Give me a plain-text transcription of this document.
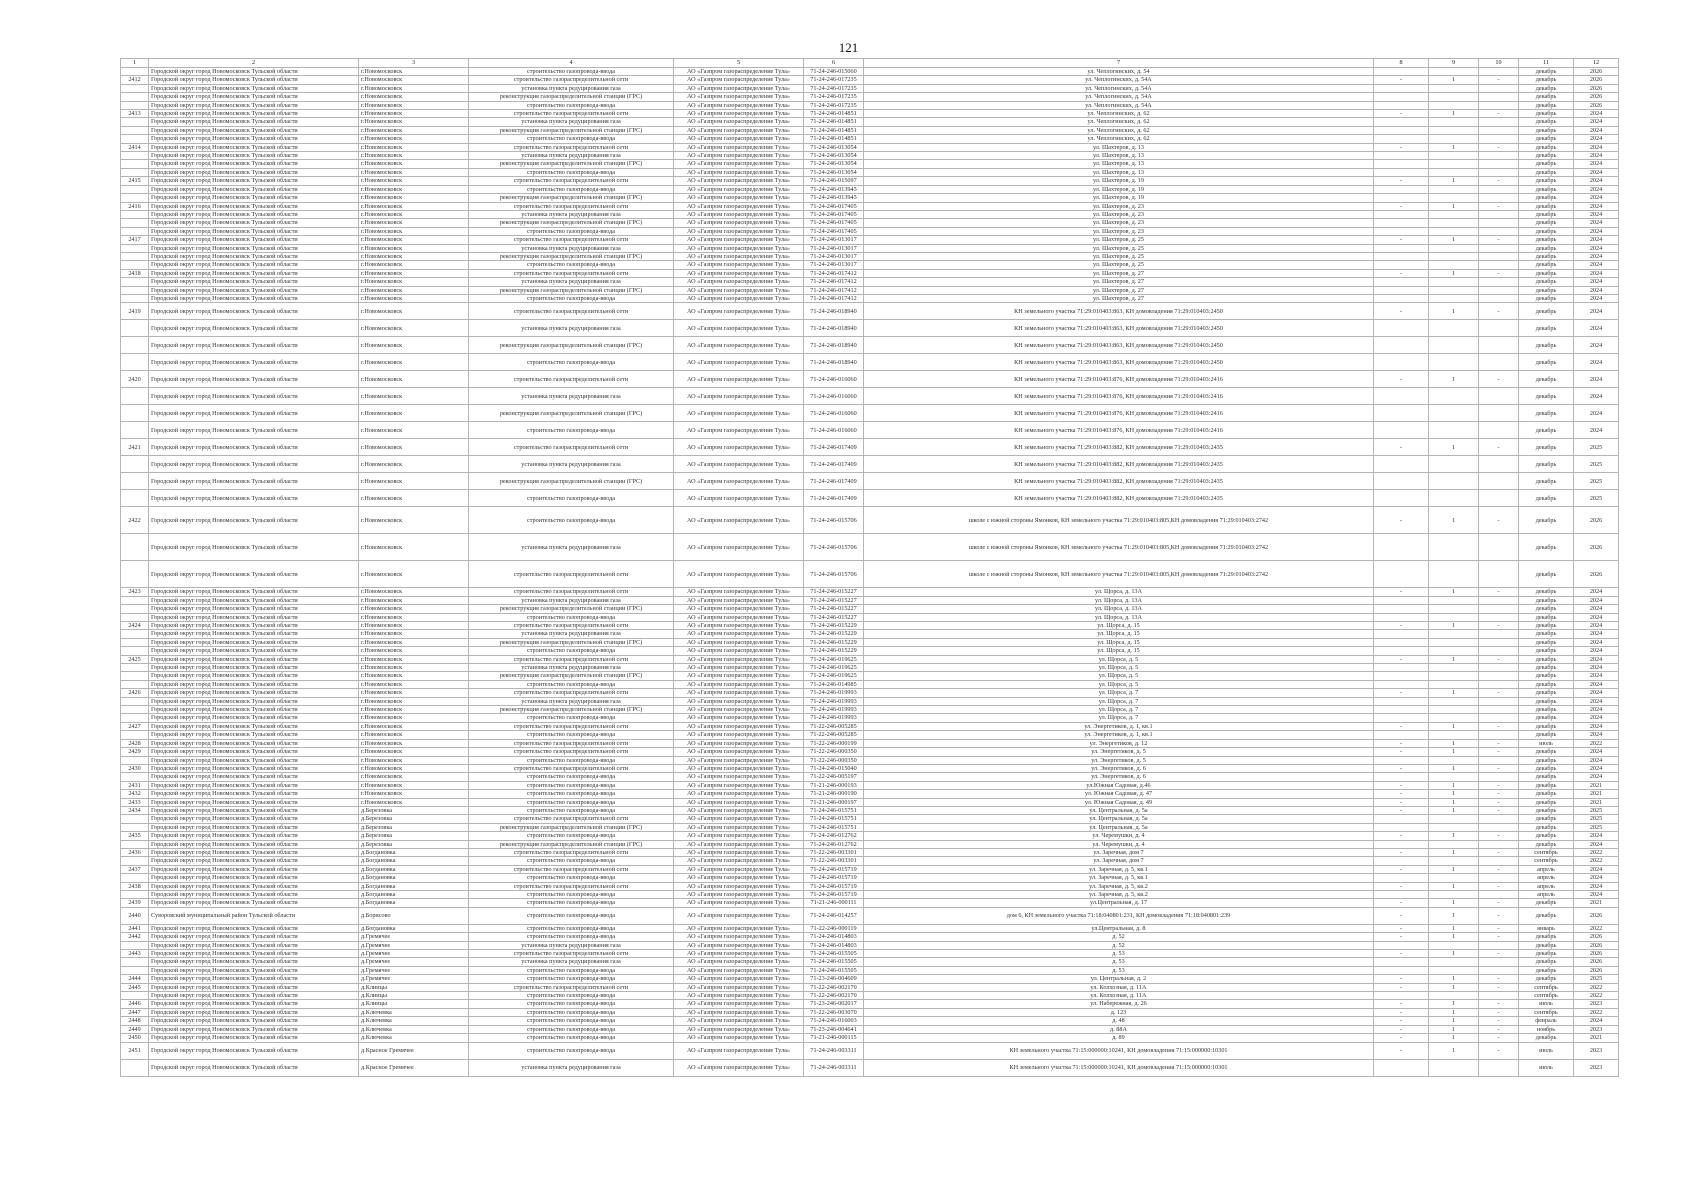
121
1	2	3	4	5	6	7	8	9	10	11	12
	Городской округ город Новомосковск Тульской области	г.Новомосковск	строительство газопровода-ввода	АО «Газпром газораспределение Тула»	71-24-246-015060	ул. Чеплогинских, д. 54				декабрь	2026
2412	Городской округ город Новомосковск Тульской области	г.Новомосковск	строительство газораспределительной сети	АО «Газпром газораспределение Тула»	71-24-246-017235	ул. Чеплогинских, д. 54А	-	1	-	декабрь	2026
	Городской округ город Новомосковск Тульской области	г.Новомосковск	установка пункта редуцирования газа	АО «Газпром газораспределение Тула»	71-24-246-017235	ул. Чеплогинских, д. 54А				декабрь	2026
	Городской округ город Новомосковск Тульской области	г.Новомосковск	реконструкция газораспределительной станции (ГРС)	АО «Газпром газораспределение Тула»	71-24-246-017235	ул. Чеплогинских, д. 54А				декабрь	2026
	Городской округ город Новомосковск Тульской области	г.Новомосковск	строительство газопровода-ввода	АО «Газпром газораспределение Тула»	71-24-246-017235	ул. Чеплогинских, д. 54А				декабрь	2026
2413	Городской округ город Новомосковск Тульской области	г.Новомосковск	строительство газораспределительной сети	АО «Газпром газораспределение Тула»	71-24-246-014851	ул. Чеплогинских, д. 62	-	1	-	декабрь	2024
	Городской округ город Новомосковск Тульской области	г.Новомосковск	установка пункта редуцирования газа	АО «Газпром газораспределение Тула»	71-24-246-014851	ул. Чеплогинских, д. 62				декабрь	2024
	Городской округ город Новомосковск Тульской области	г.Новомосковск	реконструкция газораспределительной станции (ГРС)	АО «Газпром газораспределение Тула»	71-24-246-014851	ул. Чеплогинских, д. 62				декабрь	2024
	Городской округ город Новомосковск Тульской области	г.Новомосковск	строительство газопровода-ввода	АО «Газпром газораспределение Тула»	71-24-246-014851	ул. Чеплогинских, д. 62				декабрь	2024
2414	Городской округ город Новомосковск Тульской области	г.Новомосковск	строительство газораспределительной сети	АО «Газпром газораспределение Тула»	71-24-246-013054	ул. Шахтеров, д. 13	-	1	-	декабрь	2024
	Городской округ город Новомосковск Тульской области	г.Новомосковск	установка пункта редуцирования газа	АО «Газпром газораспределение Тула»	71-24-246-013054	ул. Шахтеров, д. 13				декабрь	2024
	Городской округ город Новомосковск Тульской области	г.Новомосковск	реконструкция газораспределительной станции (ГРС)	АО «Газпром газораспределение Тула»	71-24-246-013054	ул. Шахтеров, д. 13				декабрь	2024
	Городской округ город Новомосковск Тульской области	г.Новомосковск	строительство газопровода-ввода	АО «Газпром газораспределение Тула»	71-24-246-013054	ул. Шахтеров, д. 13				декабрь	2024
2415	Городской округ город Новомосковск Тульской области	г.Новомосковск	строительство газораспределительной сети	АО «Газпром газораспределение Тула»	71-24-246-015097	ул. Шахтеров, д. 19	-	1	-	декабрь	2024
	Городской округ город Новомосковск Тульской области	г.Новомосковск	строительство газопровода-ввода	АО «Газпром газораспределение Тула»	71-24-246-013945	ул. Шахтеров, д. 19				декабрь	2024
	Городской округ город Новомосковск Тульской области	г.Новомосковск	реконструкция газораспределительной станции (ГРС)	АО «Газпром газораспределение Тула»	71-24-246-013945	ул. Шахтеров, д. 19				декабрь	2024
2416	Городской округ город Новомосковск Тульской области	г.Новомосковск	строительство газораспределительной сети	АО «Газпром газораспределение Тула»	71-24-246-017405	ул. Шахтеров, д. 23	-	1	-	декабрь	2024
	Городской округ город Новомосковск Тульской области	г.Новомосковск	установка пункта редуцирования газа	АО «Газпром газораспределение Тула»	71-24-246-017405	ул. Шахтеров, д. 23				декабрь	2024
	Городской округ город Новомосковск Тульской области	г.Новомосковск	реконструкция газораспределительной станции (ГРС)	АО «Газпром газораспределение Тула»	71-24-246-017405	ул. Шахтеров, д. 23				декабрь	2024
	Городской округ город Новомосковск Тульской области	г.Новомосковск	строительство газопровода-ввода	АО «Газпром газораспределение Тула»	71-24-246-017405	ул. Шахтеров, д. 23				декабрь	2024
2417	Городской округ город Новомосковск Тульской области	г.Новомосковск	строительство газораспределительной сети	АО «Газпром газораспределение Тула»	71-24-246-013017	ул. Шахтеров, д. 25	-	1	-	декабрь	2024
	Городской округ город Новомосковск Тульской области	г.Новомосковск	установка пункта редуцирования газа	АО «Газпром газораспределение Тула»	71-24-246-013017	ул. Шахтеров, д. 25				декабрь	2024
	Городской округ город Новомосковск Тульской области	г.Новомосковск	реконструкция газораспределительной станции (ГРС)	АО «Газпром газораспределение Тула»	71-24-246-013017	ул. Шахтеров, д. 25				декабрь	2024
	Городской округ город Новомосковск Тульской области	г.Новомосковск	строительство газопровода-ввода	АО «Газпром газораспределение Тула»	71-24-246-013017	ул. Шахтеров, д. 25				декабрь	2024
2418	Городской округ город Новомосковск Тульской области	г.Новомосковск	строительство газораспределительной сети	АО «Газпром газораспределение Тула»	71-24-246-017412	ул. Шахтеров, д. 27	-	1	-	декабрь	2024
	Городской округ город Новомосковск Тульской области	г.Новомосковск	установка пункта редуцирования газа	АО «Газпром газораспределение Тула»	71-24-246-017412	ул. Шахтеров, д. 27				декабрь	2024
	Городской округ город Новомосковск Тульской области	г.Новомосковск	реконструкция газораспределительной станции (ГРС)	АО «Газпром газораспределение Тула»	71-24-246-017412	ул. Шахтеров, д. 27				декабрь	2024
	Городской округ город Новомосковск Тульской области	г.Новомосковск	строительство газопровода-ввода	АО «Газпром газораспределение Тула»	71-24-246-017412	ул. Шахтеров, д. 27				декабрь	2024
2419	Городской округ город Новомосковск Тульской области	г.Новомосковск	строительство газораспределительной сети	АО «Газпром газораспределение Тула»	71-24-246-018940	КН земельного участка 71:29:010403:863, КН домовладения 71:29:010403:2450	-	1	-	декабрь	2024
	Городской округ город Новомосковск Тульской области	г.Новомосковск	установка пункта редуцирования газа	АО «Газпром газораспределение Тула»	71-24-246-018940	КН земельного участка 71:29:010403:863, КН домовладения 71:29:010403:2450				декабрь	2024
	Городской округ город Новомосковск Тульской области	г.Новомосковск	реконструкция газораспределительной станции (ГРС)	АО «Газпром газораспределение Тула»	71-24-246-018940	КН земельного участка 71:29:010403:863, КН домовладения 71:29:010403:2450				декабрь	2024
	Городской округ город Новомосковск Тульской области	г.Новомосковск	строительство газопровода-ввода	АО «Газпром газораспределение Тула»	71-24-246-018940	КН земельного участка 71:29:010403:863, КН домовладения 71:29:010403:2450				декабрь	2024
2420	Городской округ город Новомосковск Тульской области	г.Новомосковск	строительство газораспределительной сети	АО «Газпром газораспределение Тула»	71-24-246-016060	КН земельного участка 71:29:010403:876, КН домовладения 71:29:010403:2416	-	1	-	декабрь	2024
	Городской округ город Новомосковск Тульской области	г.Новомосковск	установка пункта редуцирования газа	АО «Газпром газораспределение Тула»	71-24-246-016060	КН земельного участка 71:29:010403:876, КН домовладения 71:29:010403:2416				декабрь	2024
	Городской округ город Новомосковск Тульской области	г.Новомосковск	реконструкция газораспределительной станции (ГРС)	АО «Газпром газораспределение Тула»	71-24-246-016060	КН земельного участка 71:29:010403:876, КН домовладения 71:29:010403:2416				декабрь	2024
	Городской округ город Новомосковск Тульской области	г.Новомосковск	строительство газопровода-ввода	АО «Газпром газораспределение Тула»	71-24-246-016060	КН земельного участка 71:29:010403:876, КН домовладения 71:29:010403:2416				декабрь	2024
2421	Городской округ город Новомосковск Тульской области	г.Новомосковск	строительство газораспределительной сети	АО «Газпром газораспределение Тула»	71-24-246-017409	КН земельного участка 71:29:010403:882, КН домовладения 71:29:010403:2435	-	1	-	декабрь	2025
	Городской округ город Новомосковск Тульской области	г.Новомосковск	установка пункта редуцирования газа	АО «Газпром газораспределение Тула»	71-24-246-017409	КН земельного участка 71:29:010403:882, КН домовладения 71:29:010403:2435				декабрь	2025
	Городской округ город Новомосковск Тульской области	г.Новомосковск	реконструкция газораспределительной станции (ГРС)	АО «Газпром газораспределение Тула»	71-24-246-017409	КН земельного участка 71:29:010403:882, КН домовладения 71:29:010403:2435				декабрь	2025
	Городской округ город Новомосковск Тульской области	г.Новомосковск	строительство газопровода-ввода	АО «Газпром газораспределение Тула»	71-24-246-017409	КН земельного участка 71:29:010403:882, КН домовладения 71:29:010403:2435				декабрь	2025
2422	Городской округ город Новомосковск Тульской области	г.Новомосковск	строительство газопровода-ввода	АО «Газпром газораспределение Тула»	71-24-246-015706	школе с южной стороны Ямонков, КН земельного участка 71:29:010403:805,КН домовладения 71:29:010403:2742	-	1	-	декабрь	2026
	Городской округ город Новомосковск Тульской области	г.Новомосковск	установка пункта редуцирования газа	АО «Газпром газораспределение Тула»	71-24-246-015706	школе с южной стороны Ямонков, КН земельного участка 71:29:010403:805,КН домовладения 71:29:010403:2742				декабрь	2026
	Городской округ город Новомосковск Тульской области	г.Новомосковск	строительство газораспределительной сети	АО «Газпром газораспределение Тула»	71-24-246-015706	школе с южной стороны Ямонков, КН земельного участка 71:29:010403:805,КН домовладения 71:29:010403:2742				декабрь	2026
2423	Городской округ город Новомосковск Тульской области	г.Новомосковск	строительство газораспределительной сети	АО «Газпром газораспределение Тула»	71-24-246-015227	ул. Щорса, д. 13А	-	1	-	декабрь	2024
	Городской округ город Новомосковск Тульской области	г.Новомосковск	установка пункта редуцирования газа	АО «Газпром газораспределение Тула»	71-24-246-015227	ул. Щорса, д. 13А				декабрь	2024
	Городской округ город Новомосковск Тульской области	г.Новомосковск	реконструкция газораспределительной станции (ГРС)	АО «Газпром газораспределение Тула»	71-24-246-015227	ул. Щорса, д. 13А				декабрь	2024
	Городской округ город Новомосковск Тульской области	г.Новомосковск	строительство газопровода-ввода	АО «Газпром газораспределение Тула»	71-24-246-015227	ул. Щорса, д. 13А				декабрь	2024
2424	Городской округ город Новомосковск Тульской области	г.Новомосковск	строительство газораспределительной сети	АО «Газпром газораспределение Тула»	71-24-246-015229	ул. Щорса, д. 15	-	1	-	декабрь	2024
	Городской округ город Новомосковск Тульской области	г.Новомосковск	установка пункта редуцирования газа	АО «Газпром газораспределение Тула»	71-24-246-015229	ул. Щорса, д. 15				декабрь	2024
	Городской округ город Новомосковск Тульской области	г.Новомосковск	реконструкция газораспределительной станции (ГРС)	АО «Газпром газораспределение Тула»	71-24-246-015229	ул. Щорса, д. 15				декабрь	2024
	Городской округ город Новомосковск Тульской области	г.Новомосковск	строительство газопровода-ввода	АО «Газпром газораспределение Тула»	71-24-246-015229	ул. Щорса, д. 15				декабрь	2024
2425	Городской округ город Новомосковск Тульской области	г.Новомосковск	строительство газораспределительной сети	АО «Газпром газораспределение Тула»	71-24-246-019625	ул. Щорса, д. 5	-	1	-	декабрь	2024
	Городской округ город Новомосковск Тульской области	г.Новомосковск	установка пункта редуцирования газа	АО «Газпром газораспределение Тула»	71-24-246-019625	ул. Щорса, д. 5				декабрь	2024
	Городской округ город Новомосковск Тульской области	г.Новомосковск	реконструкция газораспределительной станции (ГРС)	АО «Газпром газораспределение Тула»	71-24-246-019625	ул. Щорса, д. 5				декабрь	2024
	Городской округ город Новомосковск Тульской области	г.Новомосковск	строительство газопровода-ввода	АО «Газпром газораспределение Тула»	71-24-246-014985	ул. Щорса, д. 5				декабрь	2024
2426	Городской округ город Новомосковск Тульской области	г.Новомосковск	строительство газораспределительной сети	АО «Газпром газораспределение Тула»	71-24-246-019993	ул. Щорса, д. 7	-	1	-	декабрь	2024
	Городской округ город Новомосковск Тульской области	г.Новомосковск	установка пункта редуцирования газа	АО «Газпром газораспределение Тула»	71-24-246-019993	ул. Щорса, д. 7				декабрь	2024
	Городской округ город Новомосковск Тульской области	г.Новомосковск	реконструкция газораспределительной станции (ГРС)	АО «Газпром газораспределение Тула»	71-24-246-019993	ул. Щорса, д. 7				декабрь	2024
	Городской округ город Новомосковск Тульской области	г.Новомосковск	строительство газопровода-ввода	АО «Газпром газораспределение Тула»	71-24-246-019993	ул. Щорса, д. 7				декабрь	2024
2427	Городской округ город Новомосковск Тульской области	г.Новомосковск	строительство газораспределительной сети	АО «Газпром газораспределение Тула»	71-22-246-005285	ул. Энергетиков, д. 1, кв.1	-	1	-	декабрь	2024
	Городской округ город Новомосковск Тульской области	г.Новомосковск	строительство газопровода-ввода	АО «Газпром газораспределение Тула»	71-22-246-005285	ул. Энергетиков, д. 1, кв.1				декабрь	2024
2428	Городской округ город Новомосковск Тульской области	г.Новомосковск	строительство газораспределительной сети	АО «Газпром газораспределение Тула»	71-22-246-000199	ул. Энергетиков, д. 12	-	1	-	июль	2022
2429	Городской округ город Новомосковск Тульской области	г.Новомосковск	строительство газораспределительной сети	АО «Газпром газораспределение Тула»	71-22-246-000350	ул. Энергетиков, д. 5	-	1	-	декабрь	2024
	Городской округ город Новомосковск Тульской области	г.Новомосковск	строительство газопровода-ввода	АО «Газпром газораспределение Тула»	71-22-246-000350	ул. Энергетиков, д. 5				декабрь	2024
2430	Городской округ город Новомосковск Тульской области	г.Новомосковск	строительство газораспределительной сети	АО «Газпром газораспределение Тула»	71-24-246-015040	ул. Энергетиков, д. 6	-	1	-	декабрь	2024
	Городской округ город Новомосковск Тульской области	г.Новомосковск	строительство газопровода-ввода	АО «Газпром газораспределение Тула»	71-22-246-005197	ул. Энергетиков, д. 6				декабрь	2024
2431	Городской округ город Новомосковск Тульской области	г.Новомосковск	строительство газопровода-ввода	АО «Газпром газораспределение Тула»	71-21-246-000193	ул.Южная Садовая, д.46	-	1	-	декабрь	2021
2432	Городской округ город Новомосковск Тульской области	г.Новомосковск	строительство газопровода-ввода	АО «Газпром газораспределение Тула»	71-21-246-000190	ул. Южная Садовая, д. 47	-	1	-	декабрь	2021
2433	Городской округ город Новомосковск Тульской области	г.Новомосковск	строительство газопровода-ввода	АО «Газпром газораспределение Тула»	71-21-246-000197	ул. Южная Садовая, д. 49	-	1	-	декабрь	2021
2434	Городской округ город Новомосковск Тульской области	д.Березовка	строительство газопровода-ввода	АО «Газпром газораспределение Тула»	71-24-246-015751	ул. Центральная, д. 5а	-	1	-	декабрь	2025
	Городской округ город Новомосковск Тульской области	д.Березовка	строительство газораспределительной сети	АО «Газпром газораспределение Тула»	71-24-246-015751	ул. Центральная, д. 5а				декабрь	2025
	Городской округ город Новомосковск Тульской области	д.Березовка	реконструкция газораспределительной станции (ГРС)	АО «Газпром газораспределение Тула»	71-24-246-015751	ул. Центральная, д. 5а				декабрь	2025
2435	Городской округ город Новомосковск Тульской области	д.Березовка	строительство газопровода-ввода	АО «Газпром газораспределение Тула»	71-24-246-012762	ул. Черемушки, д. 4	-	1	-	декабрь	2024
	Городской округ город Новомосковск Тульской области	д.Березовка	реконструкция газораспределительной станции (ГРС)	АО «Газпром газораспределение Тула»	71-24-246-012762	ул. Черемушки, д. 4				декабрь	2024
2436	Городской округ город Новомосковск Тульской области	д.Богдановка	строительство газораспределительной сети	АО «Газпром газораспределение Тула»	71-22-246-003301	ул. Заречная, дом 7	-	1	-	сентябрь	2022
	Городской округ город Новомосковск Тульской области	д.Богдановка	строительство газопровода-ввода	АО «Газпром газораспределение Тула»	71-22-246-003301	ул. Заречная, дом 7				сентябрь	2022
2437	Городской округ город Новомосковск Тульской области	д.Богдановка	строительство газораспределительной сети	АО «Газпром газораспределение Тула»	71-24-246-015719	ул. Заречная, д. 5, кв.1	-	1	-	апрель	2024
	Городской округ город Новомосковск Тульской области	д.Богдановка	строительство газопровода-ввода	АО «Газпром газораспределение Тула»	71-24-246-015719	ул. Заречная, д. 5, кв.1				апрель	2024
2438	Городской округ город Новомосковск Тульской области	д.Богдановка	строительство газораспределительной сети	АО «Газпром газораспределение Тула»	71-24-246-015719	ул. Заречная, д. 5, кв.2	-	1	-	апрель	2024
	Городской округ город Новомосковск Тульской области	д.Богдановка	строительство газопровода-ввода	АО «Газпром газораспределение Тула»	71-24-246-015719	ул. Заречная, д. 5, кв.2				апрель	2024
2439	Городской округ город Новомосковск Тульской области	д.Богдановка	строительство газопровода-ввода	АО «Газпром газораспределение Тула»	71-21-246-000111	ул.Центральная, д. 17	-	1	-	декабрь	2021
2440	Суворовский муниципальный район Тульской области	д.Борисово	строительство газопровода-ввода	АО «Газпром газораспределение Тула»	71-24-246-014257	дом 6, КН земельного участка 71:18:040801:231, КН домовладения 71:18:040801:239	-	1	-	декабрь	2026
2441	Городской округ город Новомосковск Тульской области	д.Богдановка	строительство газопровода-ввода	АО «Газпром газораспределение Тула»	71-22-246-000119	ул.Центральная, д. 8	-	1	-	январь	2022
2442	Городской округ город Новомосковск Тульской области	д.Гремячее	строительство газопровода-ввода	АО «Газпром газораспределение Тула»	71-24-246-014803	д. 52	-	1	-	декабрь	2026
	Городской округ город Новомосковск Тульской области	д.Гремячее	установка пункта редуцирования газа	АО «Газпром газораспределение Тула»	71-24-246-014803	д. 52				декабрь	2026
2443	Городской округ город Новомосковск Тульской области	д.Гремячее	строительство газораспределительной сети	АО «Газпром газораспределение Тула»	71-24-246-015505	д. 53	-	1	-	декабрь	2026
	Городской округ город Новомосковск Тульской области	д.Гремячее	установка пункта редуцирования газа	АО «Газпром газораспределение Тула»	71-24-246-015505	д. 53				декабрь	2026
	Городской округ город Новомосковск Тульской области	д.Гремячее	строительство газопровода-ввода	АО «Газпром газораспределение Тула»	71-24-246-015505	д. 53				декабрь	2026
2444	Городской округ город Новомосковск Тульской области	д.Гремячее	строительство газопровода-ввода	АО «Газпром газораспределение Тула»	71-23-246-004609	ул. Центральная, д. 2	-	1	-	декабрь	2025
2445	Городской округ город Новомосковск Тульской области	д.Клинцы	строительство газораспределительной сети	АО «Газпром газораспределение Тула»	71-22-246-002170	ул. Колхозная, д. 11А	-	1	-	сентябрь	2022
	Городской округ город Новомосковск Тульской области	д.Клинцы	строительство газопровода-ввода	АО «Газпром газораспределение Тула»	71-22-246-002170	ул. Колхозная, д. 11А				сентябрь	2022
2446	Городской округ город Новомосковск Тульской области	д.Клинцы	строительство газопровода-ввода	АО «Газпром газораспределение Тула»	71-23-246-002017	ул. Набережная, д. 26	-	1	-	июль	2023
2447	Городской округ город Новомосковск Тульской области	д.Ключевка	строительство газопровода-ввода	АО «Газпром газораспределение Тула»	71-22-246-003070	д. 123	-	1	-	сентябрь	2022
2448	Городской округ город Новомосковск Тульской области	д.Ключевка	строительство газопровода-ввода	АО «Газпром газораспределение Тула»	71-24-246-016003	д. 48	-	1	-	февраль	2024
2449	Городской округ город Новомосковск Тульской области	д.Ключевка	строительство газопровода-ввода	АО «Газпром газораспределение Тула»	71-23-246-004641	д. 88А	-	1	-	ноябрь	2023
2450	Городской округ город Новомосковск Тульской области	д.Ключевка	строительство газопровода-ввода	АО «Газпром газораспределение Тула»	71-21-246-000115	д. 89	-	1	-	декабрь	2021
2451	Городской округ город Новомосковск Тульской области	д.Красное Гремячее	строительство газопровода-ввода	АО «Газпром газораспределение Тула»	71-24-246-003311	КН земельного участка 71:15:000000:10241, КН домовладения 71:15:000000:10301	-	1	-	июль	2023
	Городской округ город Новомосковск Тульской области	д.Красное Гремячее	установка пункта редуцирования газа	АО «Газпром газораспределение Тула»	71-24-246-003311	КН земельного участка 71:15:000000:10241, КН домовладения 71:15:000000:10301				июль	2023
